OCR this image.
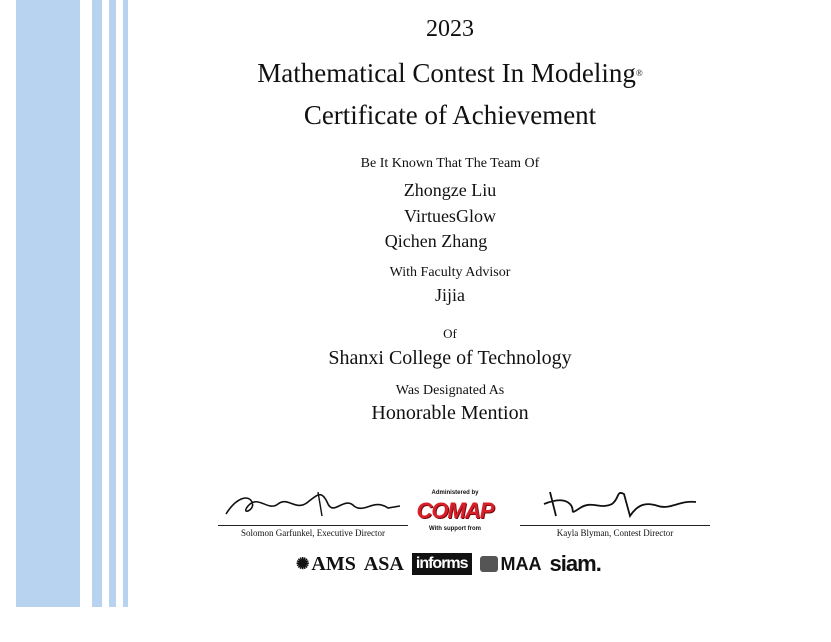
2023
Mathematical Contest In Modeling®
Certificate of Achievement
Be It Known That The Team Of
Zhongze Liu
VirtuesGlow
Qichen Zhang
With Faculty Advisor
Jijia
Of
Shanxi College of Technology
Was Designated As
Honorable Mention
Solomon Garfunkel, Executive Director
Administered by
COMAP
With support from	Kayla Blyman, Contest Director
✺ AMS ASA informs MAA siam.
